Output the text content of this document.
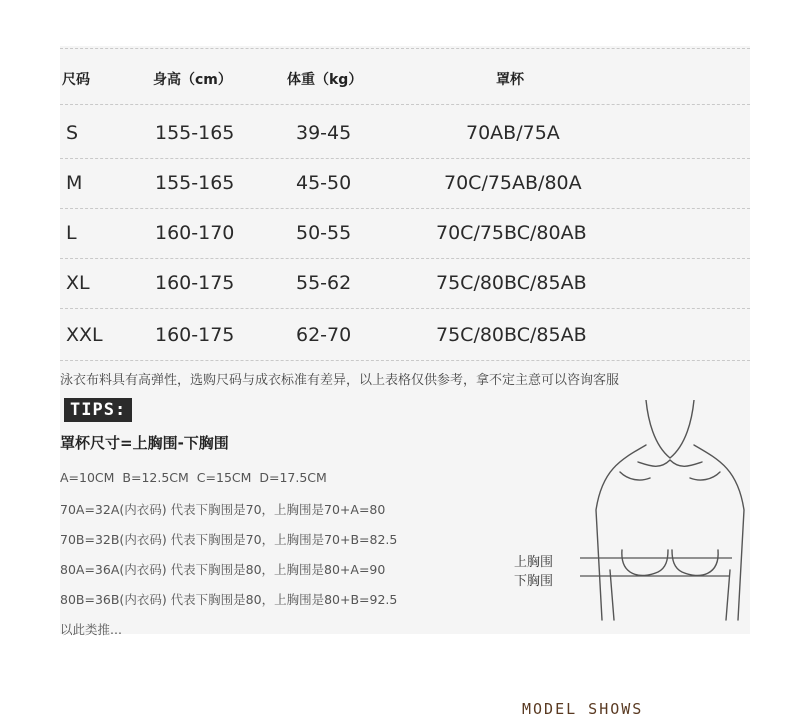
尺码	身高（cm）	体重（kg）	罩杯
S	155-165	39-45	70AB/75A
M	155-165	45-50	70C/75AB/80A
L	160-170	50-55	70C/75BC/80AB
XL	160-175	55-62	75C/80BC/85AB
XXL	160-175	62-70	75C/80BC/85AB
泳衣布料具有高弹性，选购尺码与成衣标准有差异，以上表格仅供参考，拿不定主意可以咨询客服
TIPS:
罩杯尺寸=上胸围-下胸围
A=10CM B=12.5CM C=15CM D=17.5CM
70A=32A(内衣码) 代表下胸围是70，上胸围是70+A=80
70B=32B(内衣码) 代表下胸围是70，上胸围是70+B=82.5
80A=36A(内衣码) 代表下胸围是80，上胸围是80+A=90
80B=36B(内衣码) 代表下胸围是80，上胸围是80+B=92.5
以此类推...
上胸围
下胸围
MODEL SHOWS
